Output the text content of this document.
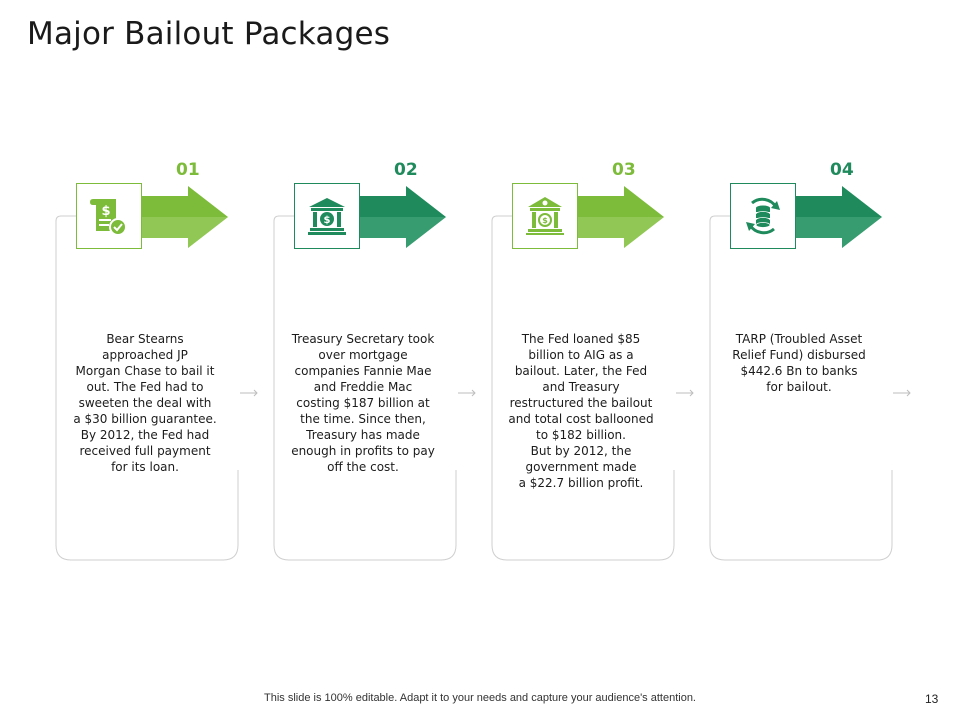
Major Bailout Packages
01
$
Bear Stearns
approached JP
Morgan Chase to bail it
out. The Fed had to
sweeten the deal with
a $30 billion guarantee.
By 2012, the Fed had
received full payment
for its loan.
02
$
Treasury Secretary took
over mortgage
companies Fannie Mae
and Freddie Mac
costing $187 billion at
the time. Since then,
Treasury has made
enough in profits to pay
off the cost.
03
$
The Fed loaned $85
billion to AIG as a
bailout. Later, the Fed
and Treasury
restructured the bailout
and total cost ballooned
to $182 billion.
But by 2012, the
government made
a $22.7 billion profit.
04
TARP (Troubled Asset
Relief Fund) disbursed
$442.6 Bn to banks
for bailout.
This slide is 100% editable. Adapt it to your needs and capture your audience's attention.	13
